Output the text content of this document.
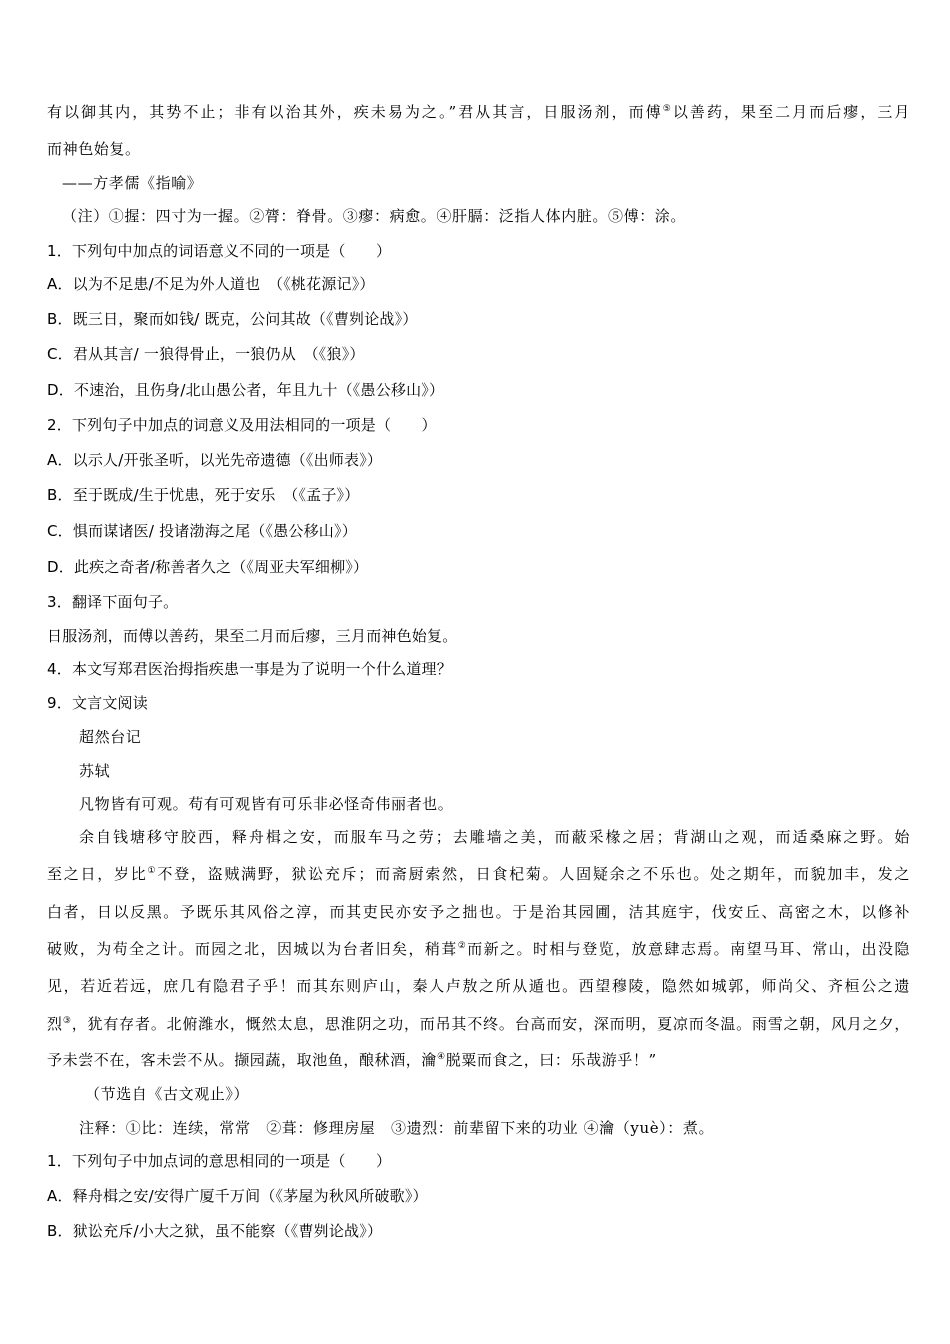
有以御其内，其势不止；非有以治其外，疾未易为之。”君从其言，日服汤剂，而傅⑤以善药，果至二月而后瘳，三月
而神色始复。
——方孝儒《指喻》
（注）①握：四寸为一握。②膂：脊骨。③瘳：病愈。④肝膈：泛指人体内脏。⑤傅：涂。
1．下列句中加点的词语意义不同的一项是（　　）
A．以为不足患/不足为外人道也　（《桃花源记》）
B．既三日，聚而如钱/ 既克，公问其故（《曹刿论战》）
C．君从其言/ 一狼得骨止，一狼仍从　（《狼》）
D．不速治，且伤身/北山愚公者，年且九十（《愚公移山》）
2．下列句子中加点的词意义及用法相同的一项是（　　）
A．以示人/开张圣听，以光先帝遗德（《出师表》）
B．至于既成/生于忧患，死于安乐　（《孟子》）
C．惧而谋诸医/ 投诸渤海之尾（《愚公移山》）
D．此疾之奇者/称善者久之（《周亚夫军细柳》）
3．翻译下面句子。
日服汤剂，而傅以善药，果至二月而后瘳，三月而神色始复。
4．本文写郑君医治拇指疾患一事是为了说明一个什么道理？
9．文言文阅读
超然台记
苏轼
凡物皆有可观。苟有可观皆有可乐非必怪奇伟丽者也。
余自钱塘移守胶西，释舟楫之安，而服车马之劳；去雕墙之美，而蔽采椽之居；背湖山之观，而适桑麻之野。始
至之日，岁比①不登，盗贼满野，狱讼充斥；而斋厨索然，日食杞菊。人固疑余之不乐也。处之期年，而貌加丰，发之
白者，日以反黑。予既乐其风俗之淳，而其吏民亦安予之拙也。于是治其园圃，洁其庭宇，伐安丘、高密之木，以修补
破败，为苟全之计。而园之北，因城以为台者旧矣，稍葺②而新之。时相与登览，放意肆志焉。南望马耳、常山，出没隐
见，若近若远，庶几有隐君子乎！而其东则庐山，秦人卢敖之所从遁也。西望穆陵，隐然如城郭，师尚父、齐桓公之遗
烈③，犹有存者。北俯潍水，慨然太息，思淮阴之功，而吊其不终。台高而安，深而明，夏凉而冬温。雨雪之朝，风月之夕，
予未尝不在，客未尝不从。撷园蔬，取池鱼，酿秫酒，瀹④脱粟而食之，曰：乐哉游乎！”
（节选自《古文观止》）
注释：①比：连续，常常　②葺：修理房屋　③遗烈：前辈留下来的功业 ④瀹（yuè）：煮。
1．下列句子中加点词的意思相同的一项是（　　）
A．释舟楫之安/安得广厦千万间（《茅屋为秋风所破歌》）
B．狱讼充斥/小大之狱，虽不能察（《曹刿论战》）
